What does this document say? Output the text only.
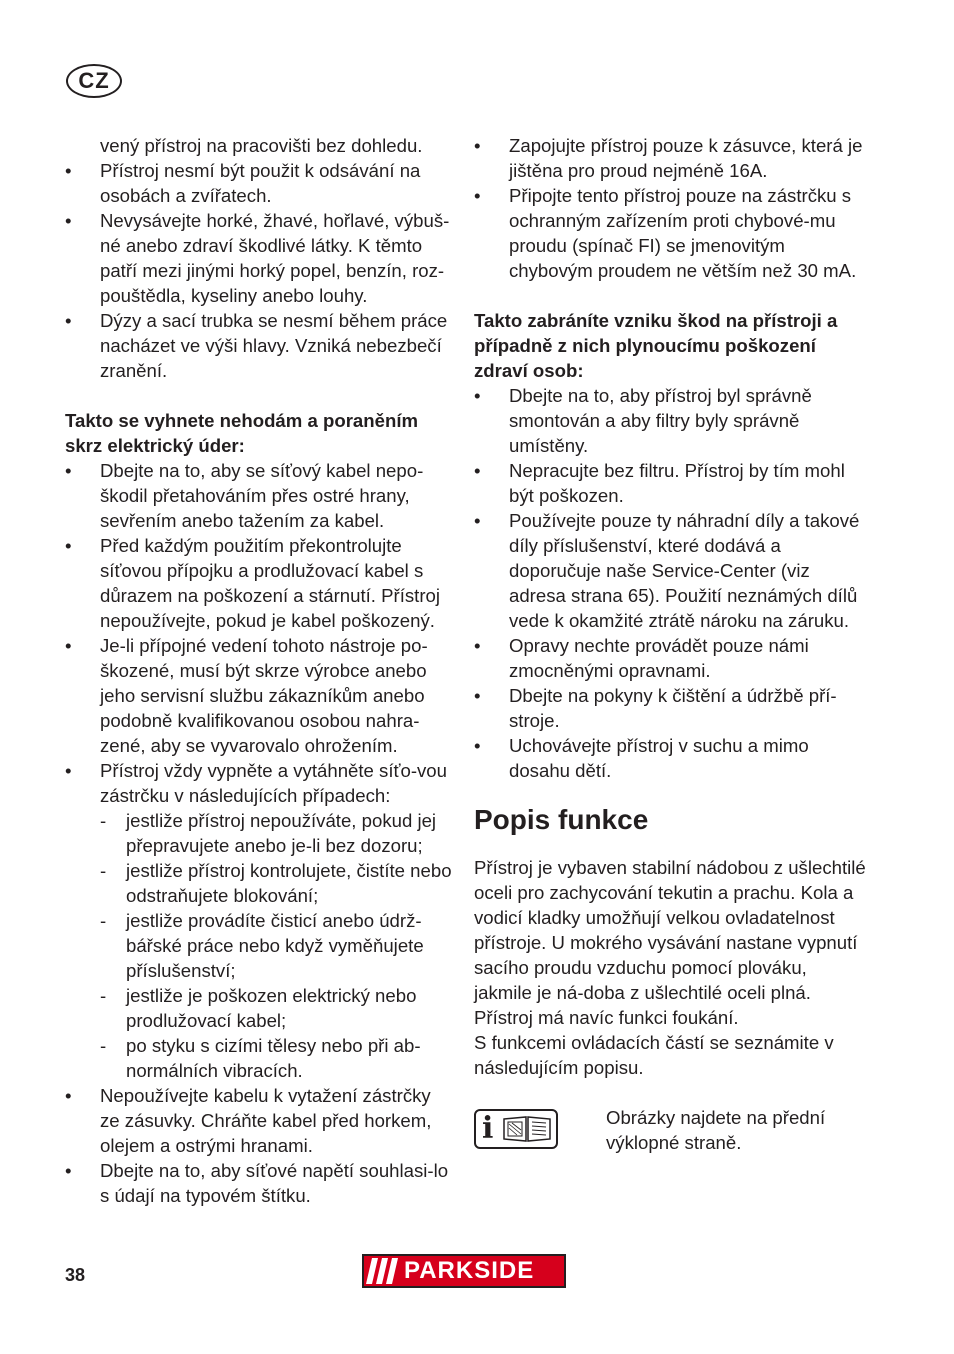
CZ
vený přístroj na pracovišti bez dohledu.
•	Přístroj nesmí být použit k odsávání na osobách a zvířatech.
•	Nevysávejte horké, žhavé, hořlavé, výbuš-né anebo zdraví škodlivé látky. K těmto patří mezi jinými horký popel, benzín, roz-pouštědla, kyseliny anebo louhy.
•	Dýzy a sací trubka se nesmí během práce nacházet ve výši hlavy. Vzniká nebezbečí zranění.
Takto se vyhnete nehodám a poraněním skrz elektrický úder:
•	Dbejte na to, aby se síťový kabel nepo-škodil přetahováním přes ostré hrany, sevřením anebo tažením za kabel.
•	Před každým použitím překontrolujte síťovou přípojku a prodlužovací kabel s důrazem na poškození a stárnutí. Přístroj nepoužívejte, pokud je kabel poškozený.
•	Je-li přípojné vedení tohoto nástroje po-škozené, musí být skrze výrobce anebo jeho servisní službu zákazníkům anebo podobně kvalifikovanou osobou nahra-zené, aby se vyvarovalo ohrožením.
•	Přístroj vždy vypněte a vytáhněte síťo-vou zástrčku v následujících případech:
- jestliže přístroj nepoužíváte, pokud jej přepravujete anebo je-li bez dozoru;
- jestliže přístroj kontrolujete, čistíte nebo odstraňujete blokování;
- jestliže provádíte čisticí anebo údrž-bářské práce nebo když vyměňujete příslušenství;
- jestliže je poškozen elektrický nebo prodlužovací kabel;
- po styku s cizími tělesy nebo při ab-normálních vibracích.
•	Nepoužívejte kabelu k vytažení zástrčky ze zásuvky. Chráňte kabel před horkem, olejem a ostrými hranami.
•	Dbejte na to, aby síťové napětí souhlasi-lo s údají na typovém štítku.
•	Zapojujte přístroj pouze k zásuvce, která je jištěna pro proud nejméně 16A.
•	Připojte tento přístroj pouze na zástrčku s ochranným zařízením proti chybové-mu proudu (spínač FI) se jmenovitým chybovým proudem ne větším než 30 mA.
Takto zabráníte vzniku škod na přístroji a případně z nich plynoucímu poškození zdraví osob:
•	Dbejte na to, aby přístroj byl správně smontován a aby filtry byly správně umístěny.
•	Nepracujte bez filtru. Přístroj by tím mohl být poškozen.
•	Používejte pouze ty náhradní díly a takové díly příslušenství, které dodává a doporučuje naše Service-Center (viz adresa strana 65). Použití neznámých dílů vede k okamžité ztrátě nároku na záruku.
•	Opravy nechte provádět pouze námi zmocněnými opravnami.
•	Dbejte na pokyny k čištění a údržbě pří-stroje.
•	Uchovávejte přístroj v suchu a mimo dosahu dětí.
Popis funkce
Přístroj je vybaven stabilní nádobou z ušlechtilé oceli pro zachycování tekutin a prachu. Kola a vodicí kladky umožňují velkou ovladatelnost přístroje. U mokrého vysávání nastane vypnutí sacího proudu vzduchu pomocí plováku, jakmile je ná-doba z ušlechtilé oceli plná. Přístroj má navíc funkci foukání.
S funkcemi ovládacích částí se seznámite v následujícím popisu.
i	Obrázky najdete na přední výklopné straně.
38	PARKSIDE
